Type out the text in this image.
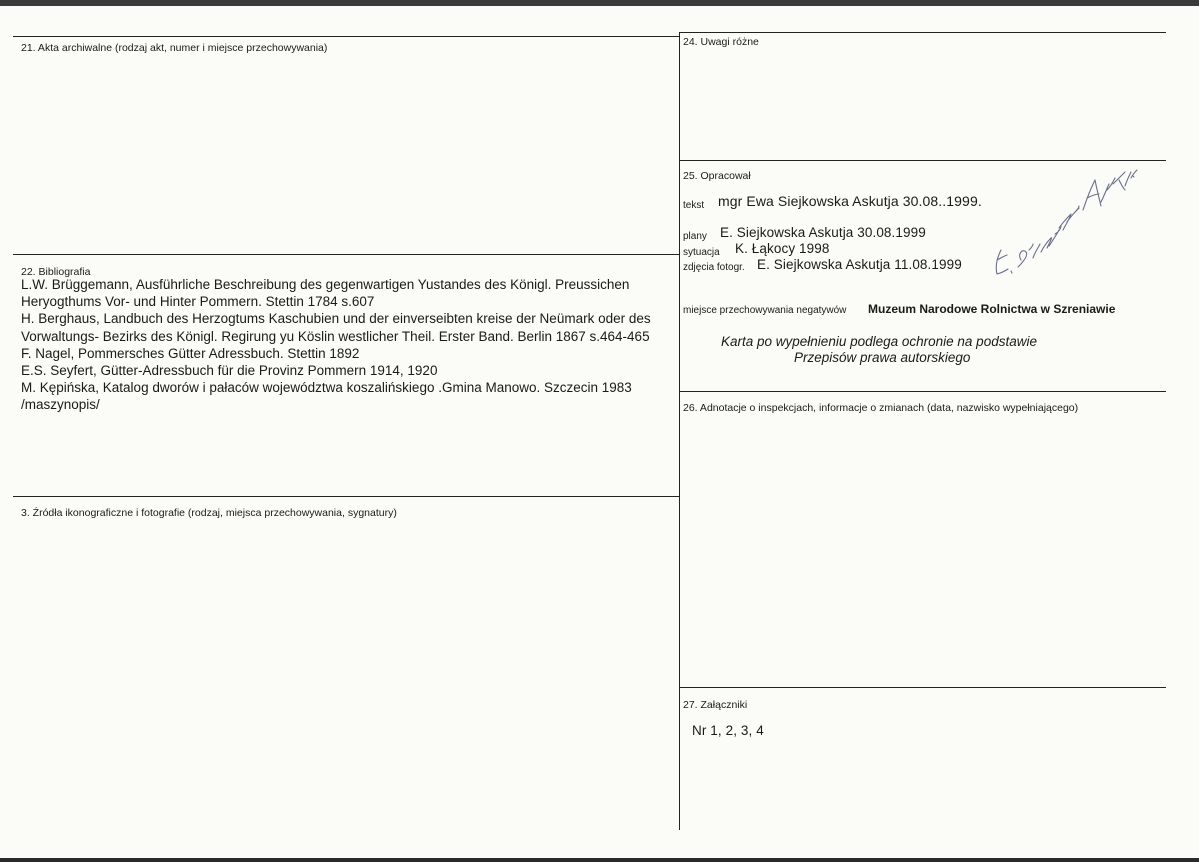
21. Akta archiwalne (rodzaj akt, numer i miejsce przechowywania)
22. Bibliografia
L.W. Brüggemann, Ausführliche Beschreibung des gegenwartigen Yustandes des Königl. Preussichen Heryogthums Vor- und Hinter Pommern. Stettin 1784 s.607
H. Berghaus, Landbuch des Herzogtums Kaschubien und der einverseibten kreise der Neümark oder des Vorwaltungs- Bezirks des Königl. Regirung yu Köslin westlicher Theil. Erster Band. Berlin 1867 s.464-465
F. Nagel, Pommersches Gütter Adressbuch. Stettin 1892
E.S. Seyfert, Gütter-Adressbuch für die Provinz Pommern 1914, 1920
M. Kępińska, Katalog dworów i pałaców województwa koszalińskiego .Gmina Manowo. Szczecin 1983 /maszynopis/
3. Źródła ikonograficzne i fotografie (rodzaj, miejsca przechowywania, sygnatury)
24. Uwagi różne
25. Opracował
tekst mgr Ewa Siejkowska Askutja 30.08..1999.
plany E. Siejkowska Askutja 30.08.1999
sytuacja K. Łąkocy 1998
zdjęcia fotogr. E. Siejkowska Askutja 11.08.1999
miejsce przechowywania negatywów Muzeum Narodowe Rolnictwa w Szreniawie
Karta po wypełnieniu podlega ochronie na podstawie
Przepisów prawa autorskiego
26. Adnotacje o inspekcjach, informacje o zmianach (data, nazwisko wypełniającego)
27. Załączniki
Nr 1, 2, 3, 4
